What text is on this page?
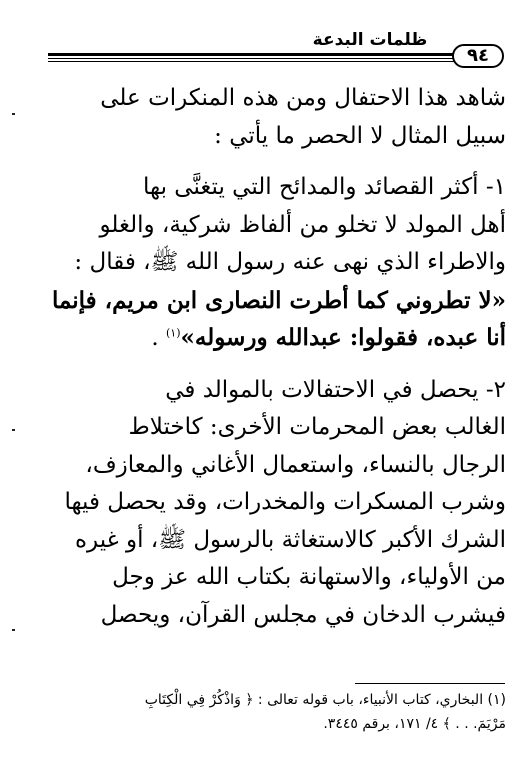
ظلمات البدعة
٩٤

شاهد هذا الاحتفال ومن هذه المنكرات على

سبيل المثال لا الحصر ما يأتي :

١- أكثر القصائد والمدائح التي يتغنَّى بها

أهل المولد لا تخلو من ألفاظ شركية، والغلو

والاطراء الذي نهى عنه رسول الله ﷺ، فقال :

«لا تطروني كما أطرت النصارى ابن مريم، فإنما

أنا عبده، فقولوا: عبدالله ورسوله»$^{(١)}$ .

٢- يحصل في الاحتفالات بالموالد في

الغالب بعض المحرمات الأخرى: كاختلاط

الرجال بالنساء، واستعمال الأغاني والمعازف،

وشرب المسكرات والمخدرات، وقد يحصل فيها

الشرك الأكبر كالاستغاثة بالرسول ﷺ، أو غيره

من الأولياء، والاستهانة بكتاب الله عز وجل

فيشرب الدخان في مجلس القرآن، ويحصل

(١) البخاري، كتاب الأنبياء، باب قوله تعالى : ﴿ وَاذْكُرْ فِي الْكِتَابِ
مَرْيَمَ. . . ﴾ ٤/ ١٧١، برقم ٣٤٤٥.
